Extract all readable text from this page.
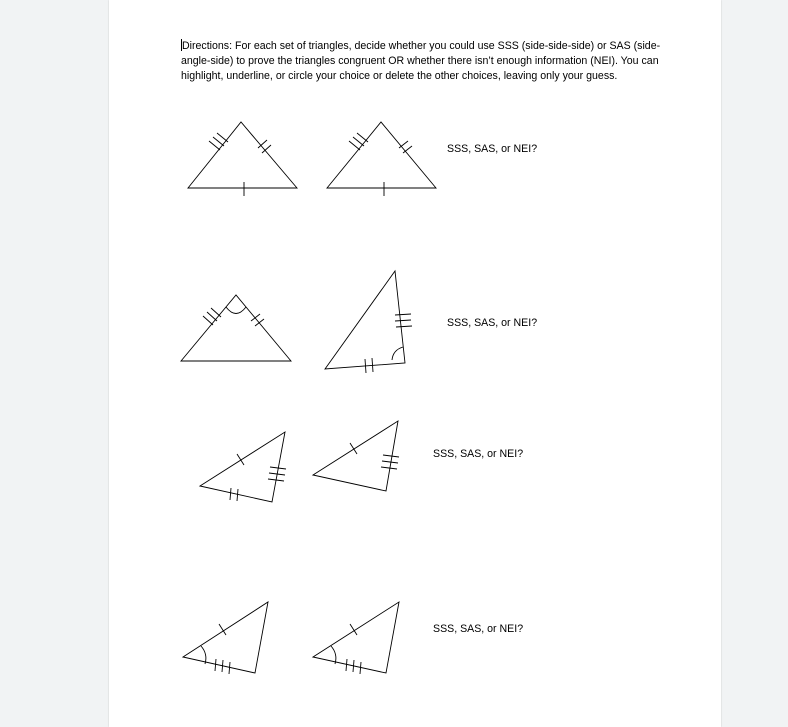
Directions: For each set of triangles, decide whether you could use SSS (side-side-side) or SAS (side-angle-side) to prove the triangles congruent OR whether there isn’t enough information (NEI). You can highlight, underline, or circle your choice or delete the other choices, leaving only your guess.
SSS, SAS, or NEI?
SSS, SAS, or NEI?
SSS, SAS, or NEI?
SSS, SAS, or NEI?
